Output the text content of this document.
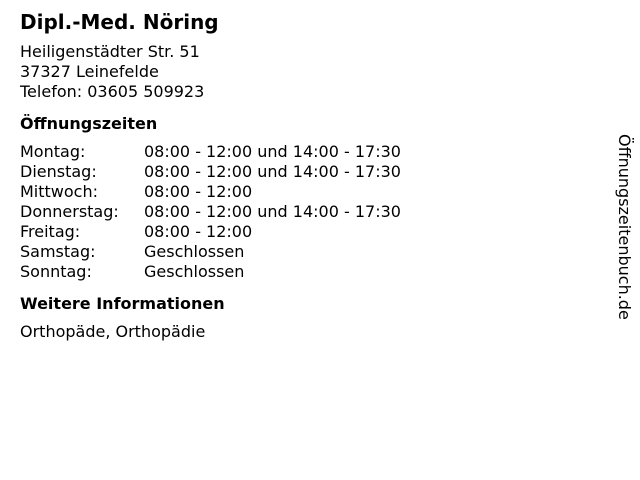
Dipl.-Med. Nöring
Heiligenstädter Str. 51
37327 Leinefelde
Telefon: 03605 509923
Öffnungszeiten
Montag:	08:00 - 12:00 und 14:00 - 17:30
Dienstag:	08:00 - 12:00 und 14:00 - 17:30
Mittwoch:	08:00 - 12:00
Donnerstag:	08:00 - 12:00 und 14:00 - 17:30
Freitag:	08:00 - 12:00
Samstag:	Geschlossen
Sonntag:	Geschlossen
Weitere Informationen
Orthopäde, Orthopädie
Öffnungszeitenbuch.de
